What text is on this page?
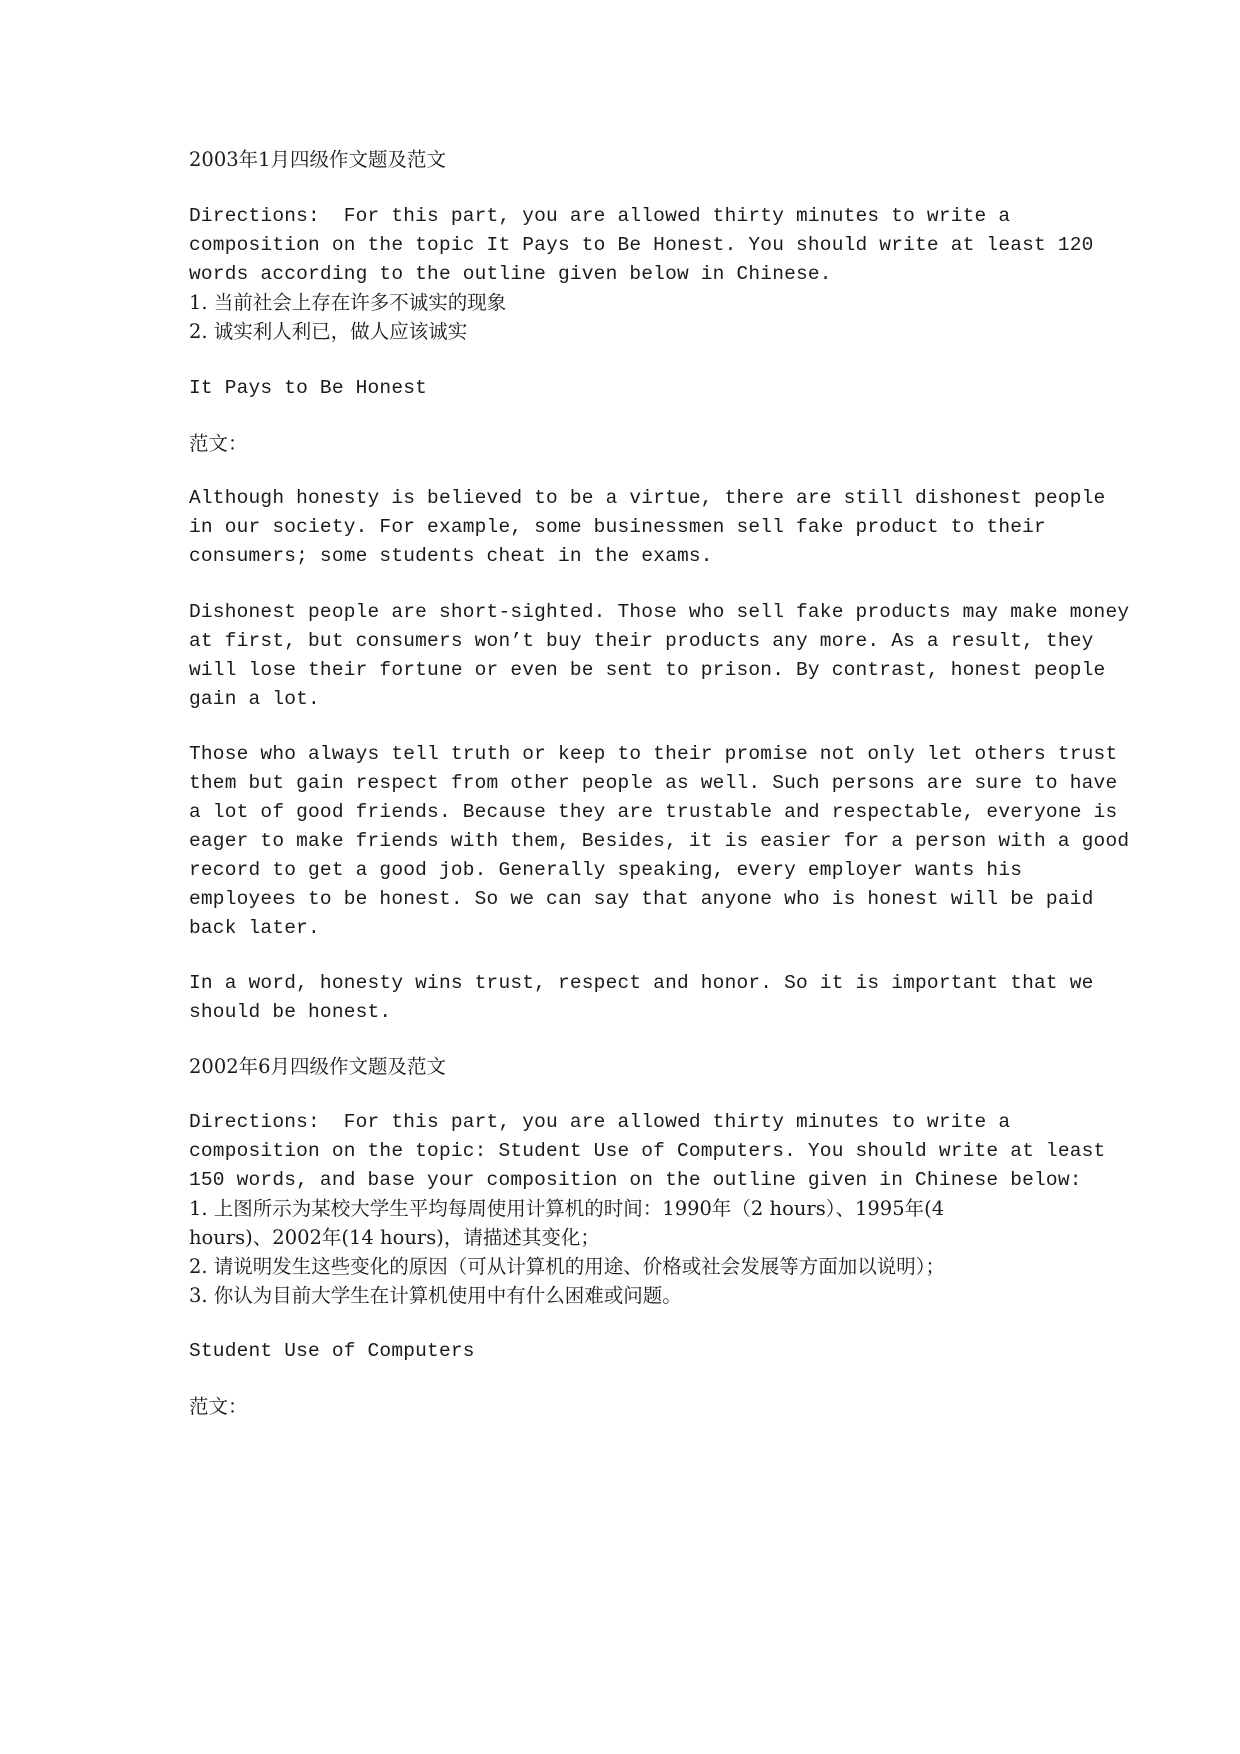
2003年1月四级作文题及范文
Directions:  For this part, you are allowed thirty minutes to write a
composition on the topic It Pays to Be Honest. You should write at least 120
words according to the outline given below in Chinese.
1. 当前社会上存在许多不诚实的现象
2. 诚实利人利已，做人应该诚实
It Pays to Be Honest
范文：
Although honesty is believed to be a virtue, there are still dishonest people
in our society. For example, some businessmen sell fake product to their
consumers; some students cheat in the exams.
Dishonest people are short-sighted. Those who sell fake products may make money
at first, but consumers won’t buy their products any more. As a result, they
will lose their fortune or even be sent to prison. By contrast, honest people
gain a lot.
Those who always tell truth or keep to their promise not only let others trust
them but gain respect from other people as well. Such persons are sure to have
a lot of good friends. Because they are trustable and respectable, everyone is
eager to make friends with them, Besides, it is easier for a person with a good
record to get a good job. Generally speaking, every employer wants his
employees to be honest. So we can say that anyone who is honest will be paid
back later.
In a word, honesty wins trust, respect and honor. So it is important that we
should be honest.
2002年6月四级作文题及范文
Directions:  For this part, you are allowed thirty minutes to write a
composition on the topic: Student Use of Computers. You should write at least
150 words, and base your composition on the outline given in Chinese below:
1. 上图所示为某校大学生平均每周使用计算机的时间：1990年（2 hours）、1995年(4
hours)、2002年(14 hours)，请描述其变化；
2. 请说明发生这些变化的原因（可从计算机的用途、价格或社会发展等方面加以说明）；
3. 你认为目前大学生在计算机使用中有什么困难或问题。
Student Use of Computers
范文：
